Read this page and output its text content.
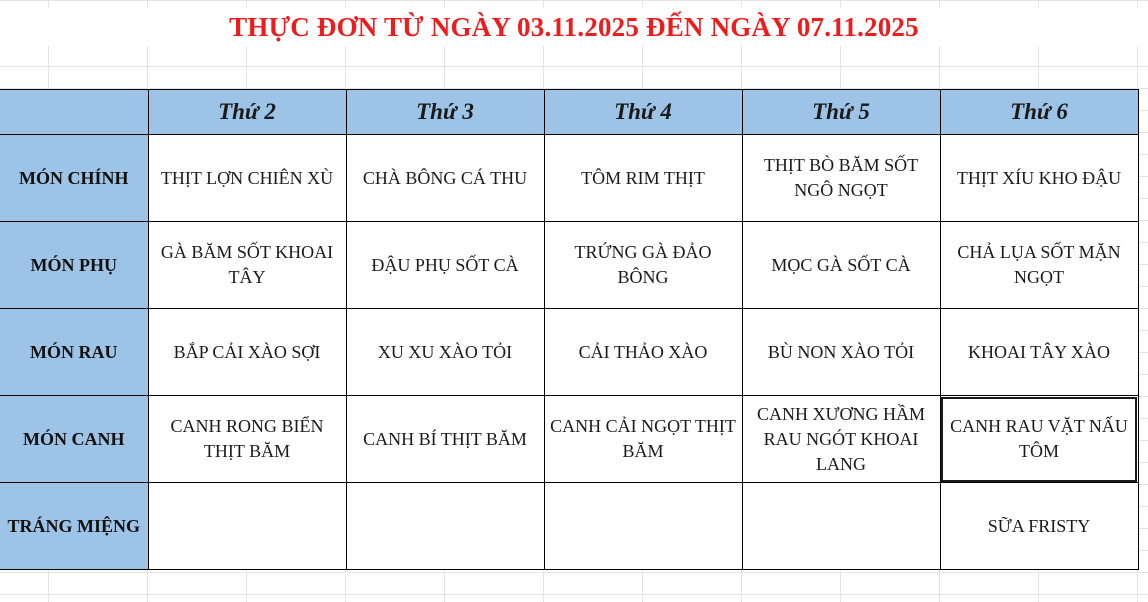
THỰC ĐƠN TỪ NGÀY 03.11.2025 ĐẾN NGÀY 07.11.2025
	Thứ 2	Thứ 3	Thứ 4	Thứ 5	Thứ 6
MÓN CHÍNH	THỊT LỢN CHIÊN XÙ	CHÀ BÔNG CÁ THU	TÔM RIM THỊT	THỊT BÒ BĂM SỐT NGÔ NGỌT	THỊT XÍU KHO ĐẬU
MÓN PHỤ	GÀ BĂM SỐT KHOAI TÂY	ĐẬU PHỤ SỐT CÀ	TRỨNG GÀ ĐẢO BÔNG	MỌC GÀ SỐT CÀ	CHẢ LỤA SỐT MẶN NGỌT
MÓN RAU	BẮP CẢI XÀO SỢI	XU XU XÀO TỎI	CẢI THẢO XÀO	BÙ NON XÀO TỎI	KHOAI TÂY XÀO
MÓN CANH	CANH RONG BIỂN THỊT BĂM	CANH BÍ THỊT BĂM	CANH CẢI NGỌT THỊT BĂM	CANH XƯƠNG HẦM RAU NGÓT KHOAI LANG	CANH RAU VẶT NẤU TÔM
TRÁNG MIỆNG					SỮA FRISTY
